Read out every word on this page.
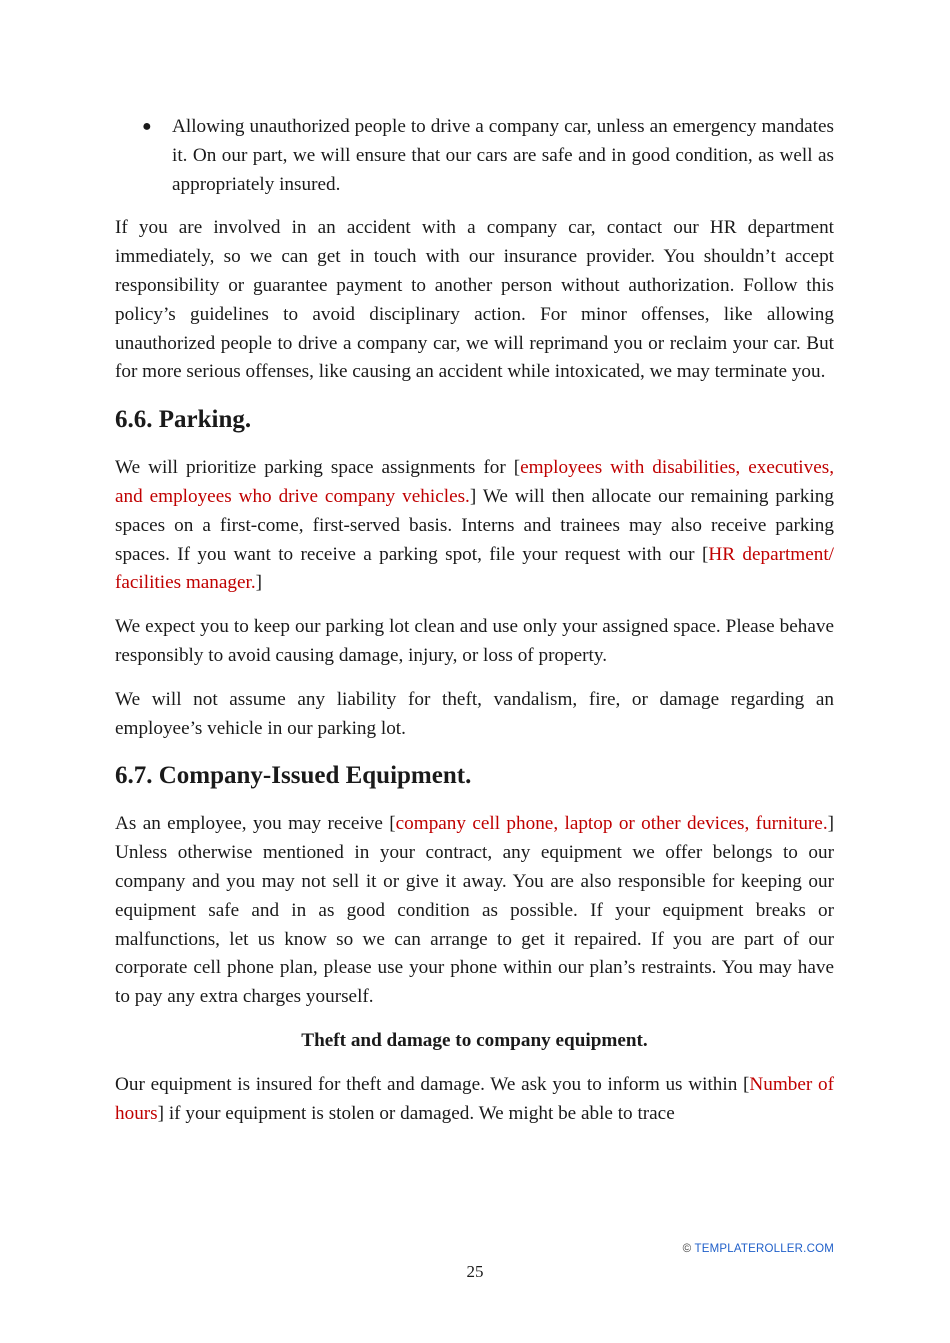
● Allowing unauthorized people to drive a company car, unless an emergency mandates it. On our part, we will ensure that our cars are safe and in good condition, as well as appropriately insured.

If you are involved in an accident with a company car, contact our HR department immediately, so we can get in touch with our insurance provider. You shouldn’t accept responsibility or guarantee payment to another person without authorization. Follow this policy’s guidelines to avoid disciplinary action. For minor offenses, like allowing unauthorized people to drive a company car, we will reprimand you or reclaim your car. But for more serious offenses, like causing an accident while intoxicated, we may terminate you.

6.6. Parking.

We will prioritize parking space assignments for [employees with disabilities, executives, and employees who drive company vehicles.] We will then allocate our remaining parking spaces on a first-come, first-served basis. Interns and trainees may also receive parking spaces. If you want to receive a parking spot, file your request with our [HR department/ facilities manager.]

We expect you to keep our parking lot clean and use only your assigned space. Please behave responsibly to avoid causing damage, injury, or loss of property.

We will not assume any liability for theft, vandalism, fire, or damage regarding an employee’s vehicle in our parking lot.

6.7. Company-Issued Equipment.

As an employee, you may receive [company cell phone, laptop or other devices, furniture.] Unless otherwise mentioned in your contract, any equipment we offer belongs to our company and you may not sell it or give it away. You are also responsible for keeping our equipment safe and in as good condition as possible. If your equipment breaks or malfunctions, let us know so we can arrange to get it repaired. If you are part of our corporate cell phone plan, please use your phone within our plan’s restraints. You may have to pay any extra charges yourself.

Theft and damage to company equipment.

Our equipment is insured for theft and damage. We ask you to inform us within [Number of hours] if your equipment is stolen or damaged. We might be able to trace

© TEMPLATEROLLER.COM
25
